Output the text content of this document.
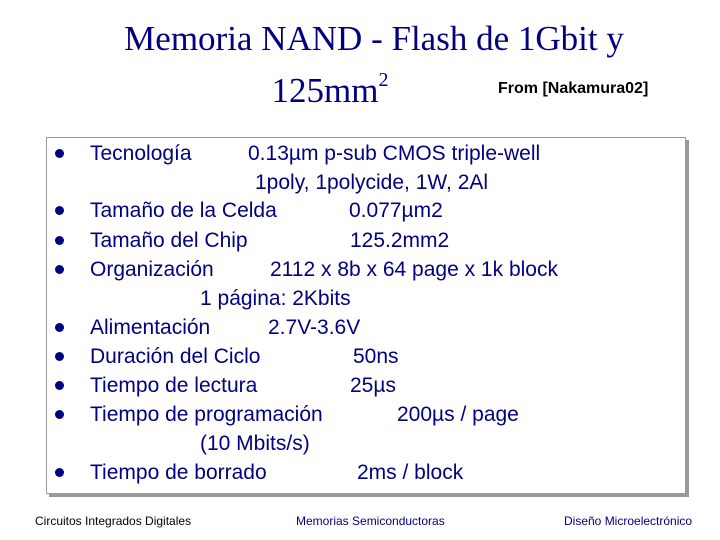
Memoria NAND - Flash de 1Gbit y
$125mm^2$	From [Nakamura02]
Tecnología	0.13µm p-sub CMOS triple-well
1poly, 1polycide, 1W, 2Al
Tamaño de la Celda	0.077µm2
Tamaño del Chip	125.2mm2
Organización	2112 x 8b x 64 page x 1k block
1 página: 2Kbits
Alimentación	2.7V-3.6V
Duración del Ciclo	50ns
Tiempo de lectura	25µs
Tiempo de programación	200µs / page
(10 Mbits/s)
Tiempo de borrado	2ms / block
Circuitos Integrados Digitales	Memorias Semiconductoras	Diseño Microelectrónico
